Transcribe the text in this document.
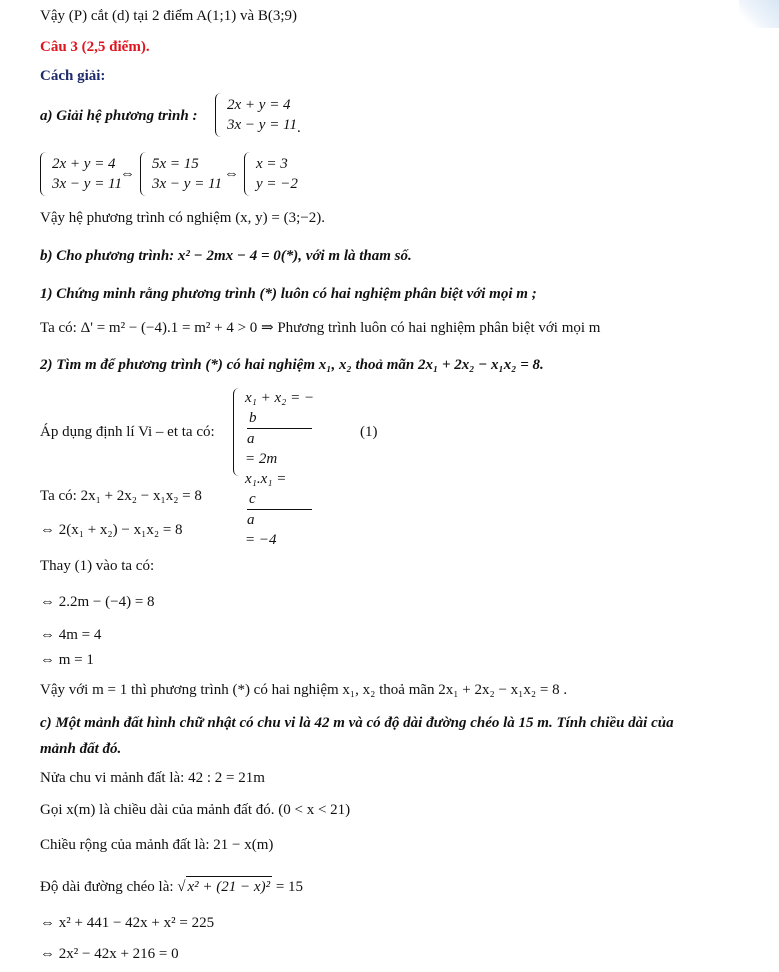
Vậy (P) cắt (d) tại 2 điểm A(1;1) và B(3;9)
Câu 3 (2,5 điểm).
Cách giải:
a) Giải hệ phương trình :
2x + y = 4
3x − y = 11 .
2x + y = 4
3x − y = 11
⇔
5x = 15
3x − y = 11
⇔
x = 3
y = −2
Vậy hệ phương trình có nghiệm (x, y) = (3;−2).
b) Cho phương trình: x² − 2mx − 4 = 0(*), với m là tham số.
1) Chứng minh rằng phương trình (*) luôn có hai nghiệm phân biệt với mọi m ;
Ta có: Δ' = m² − (−4).1 = m² + 4 > 0 ⇒ Phương trình luôn có hai nghiệm phân biệt với mọi m
2) Tìm m để phương trình (*) có hai nghiệm x₁, x₂ thoả mãn 2x₁ + 2x₂ − x₁x₂ = 8.
Áp dụng định lí Vi – et ta có:
x₁ + x₂ = −
b
a
= 2m
x₁.x₁ =
c
a
= −4
(1)
Ta có: 2x₁ + 2x₂ − x₁x₂ = 8
⇔ 2(x₁ + x₂) − x₁x₂ = 8
Thay (1) vào ta có:
⇔ 2.2m − (−4) = 8
⇔ 4m = 4
⇔ m = 1
Vậy với m = 1 thì phương trình (*) có hai nghiệm x₁, x₂ thoả mãn 2x₁ + 2x₂ − x₁x₂ = 8 .
c) Một mảnh đất hình chữ nhật có chu vi là 42 m và có độ dài đường chéo là 15 m. Tính chiều dài của
mảnh đất đó.
Nửa chu vi mảnh đất là: 42 : 2 = 21m
Gọi x(m) là chiều dài của mảnh đất đó. (0 < x < 21)
Chiều rộng của mảnh đất là: 21 − x(m)
Độ dài đường chéo là: √ x² + (21 − x)² = 15
⇔ x² + 441 − 42x + x² = 225
⇔ 2x² − 42x + 216 = 0
